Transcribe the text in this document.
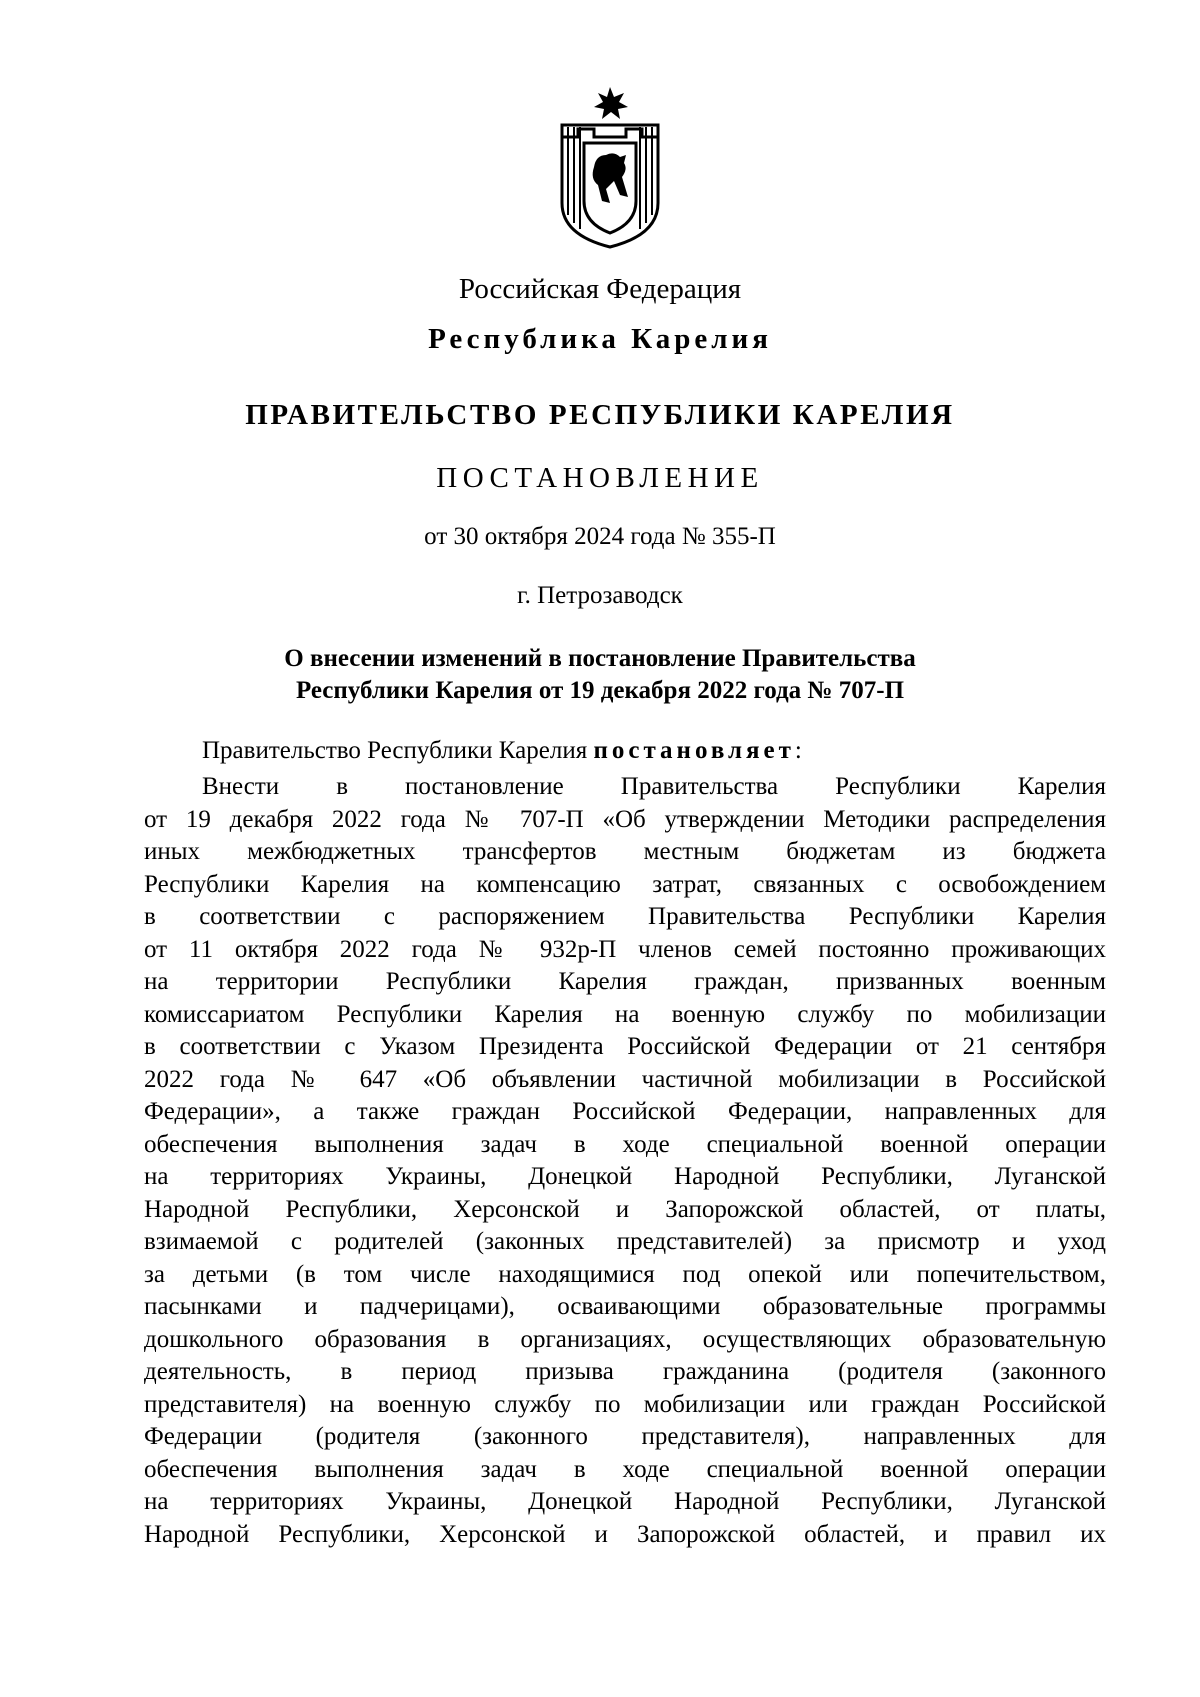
Российская Федерация
Республика Карелия
ПРАВИТЕЛЬСТВО РЕСПУБЛИКИ КАРЕЛИЯ
ПОСТАНОВЛЕНИЕ
от 30 октября 2024 года № 355-П
г. Петрозаводск
О внесении изменений в постановление Правительства
Республики Карелия от 19 декабря 2022 года № 707-П
Правительство Республики Карелия постановляет:
Внести в постановление Правительства Республики Карелия
от 19 декабря 2022 года № 707-П «Об утверждении Методики распределения
иных межбюджетных трансфертов местным бюджетам из бюджета
Республики Карелия на компенсацию затрат, связанных с освобождением
в соответствии с распоряжением Правительства Республики Карелия
от 11 октября 2022 года № 932р-П членов семей постоянно проживающих
на территории Республики Карелия граждан, призванных военным
комиссариатом Республики Карелия на военную службу по мобилизации
в соответствии с Указом Президента Российской Федерации от 21 сентября
2022 года № 647 «Об объявлении частичной мобилизации в Российской
Федерации», а также граждан Российской Федерации, направленных для
обеспечения выполнения задач в ходе специальной военной операции
на территориях Украины, Донецкой Народной Республики, Луганской
Народной Республики, Херсонской и Запорожской областей, от платы,
взимаемой с родителей (законных представителей) за присмотр и уход
за детьми (в том числе находящимися под опекой или попечительством,
пасынками и падчерицами), осваивающими образовательные программы
дошкольного образования в организациях, осуществляющих образовательную
деятельность, в период призыва гражданина (родителя (законного
представителя) на военную службу по мобилизации или граждан Российской
Федерации (родителя (законного представителя), направленных для
обеспечения выполнения задач в ходе специальной военной операции
на территориях Украины, Донецкой Народной Республики, Луганской
Народной Республики, Херсонской и Запорожской областей, и правил их
